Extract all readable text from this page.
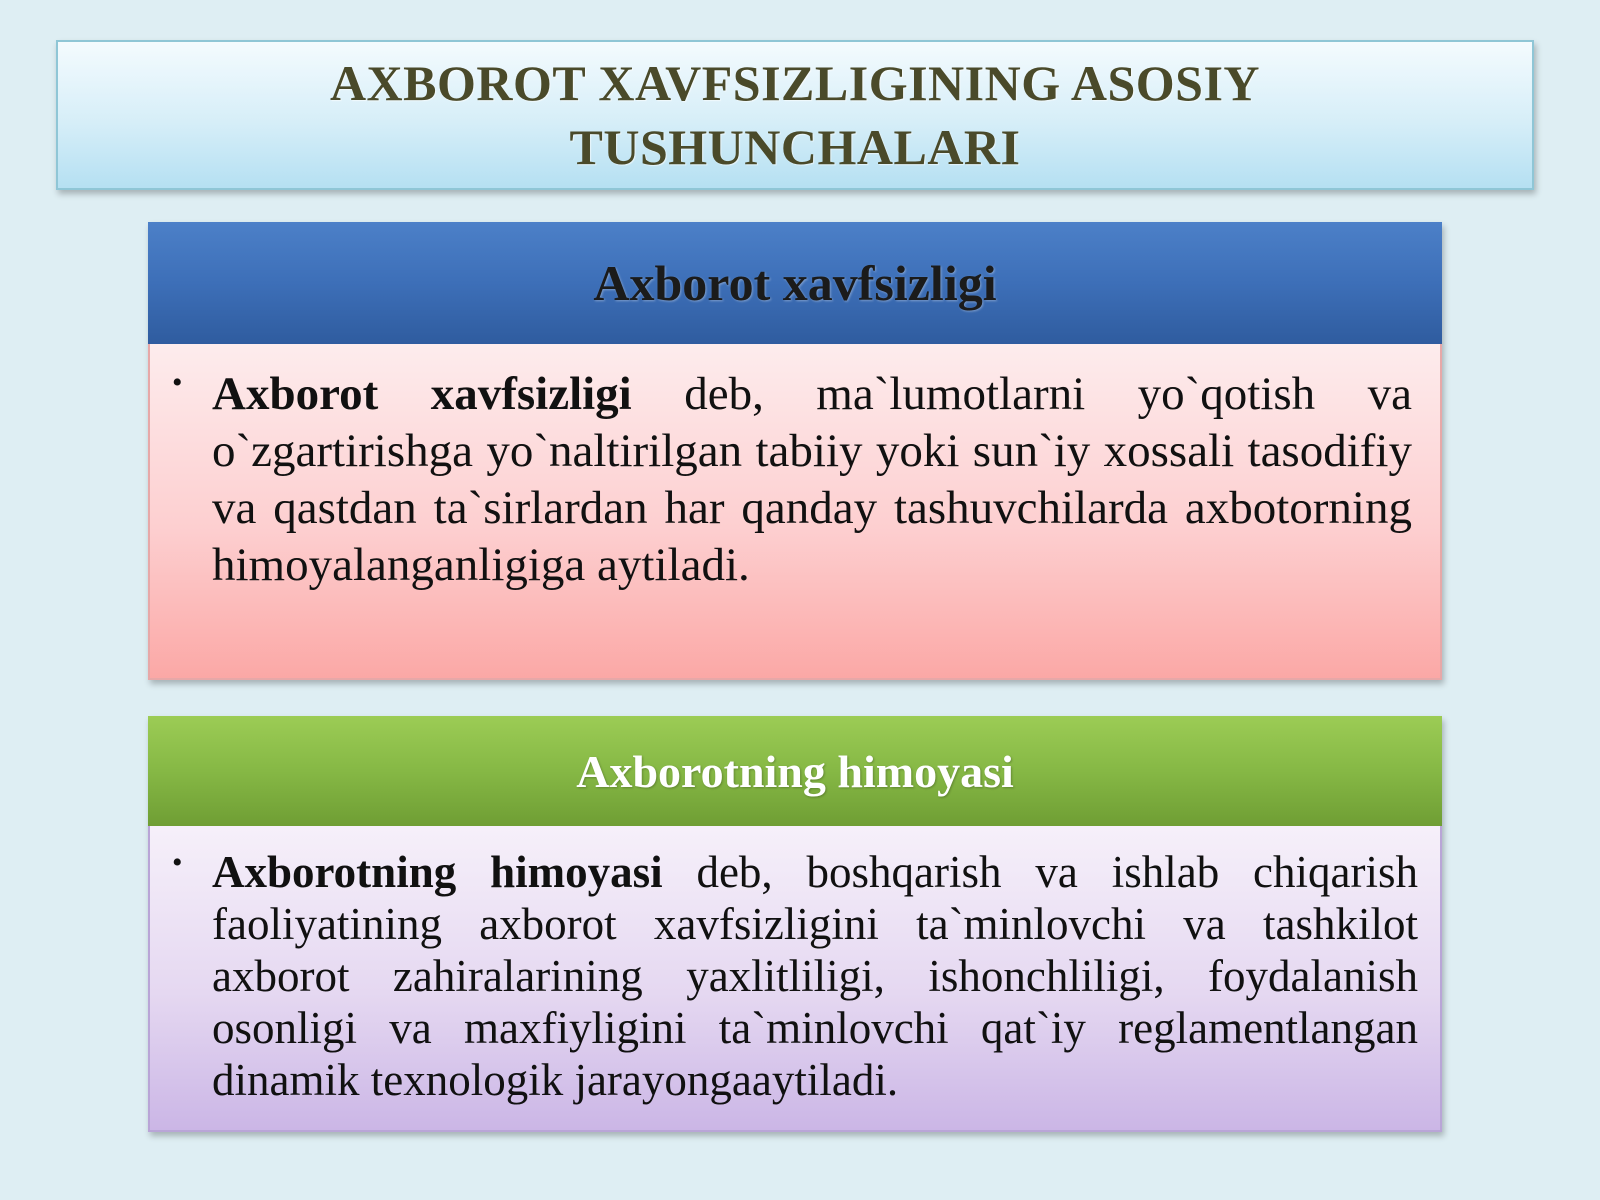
AXBOROT XAVFSIZLIGINING ASOSIY TUSHUNCHALARI
Axborot xavfsizligi
• Axborot xavfsizligi deb, ma`lumotlarni yo`qotish va o`zgartirishga yo`naltirilgan tabiiy yoki sun`iy xossali tasodifiy va qastdan ta`sirlardan har qanday tashuvchilarda axbotorning himoyalanganligiga aytiladi.
Axborotning himoyasi
• Axborotning himoyasi deb, boshqarish va ishlab chiqarish faoliyatining axborot xavfsizligini ta`minlovchi va tashkilot axborot zahiralarining yaxlitliligi, ishonchliligi, foydalanish osonligi va maxfiyligini ta`minlovchi qat`iy reglamentlangan dinamik texnologik jarayongaaytiladi.
